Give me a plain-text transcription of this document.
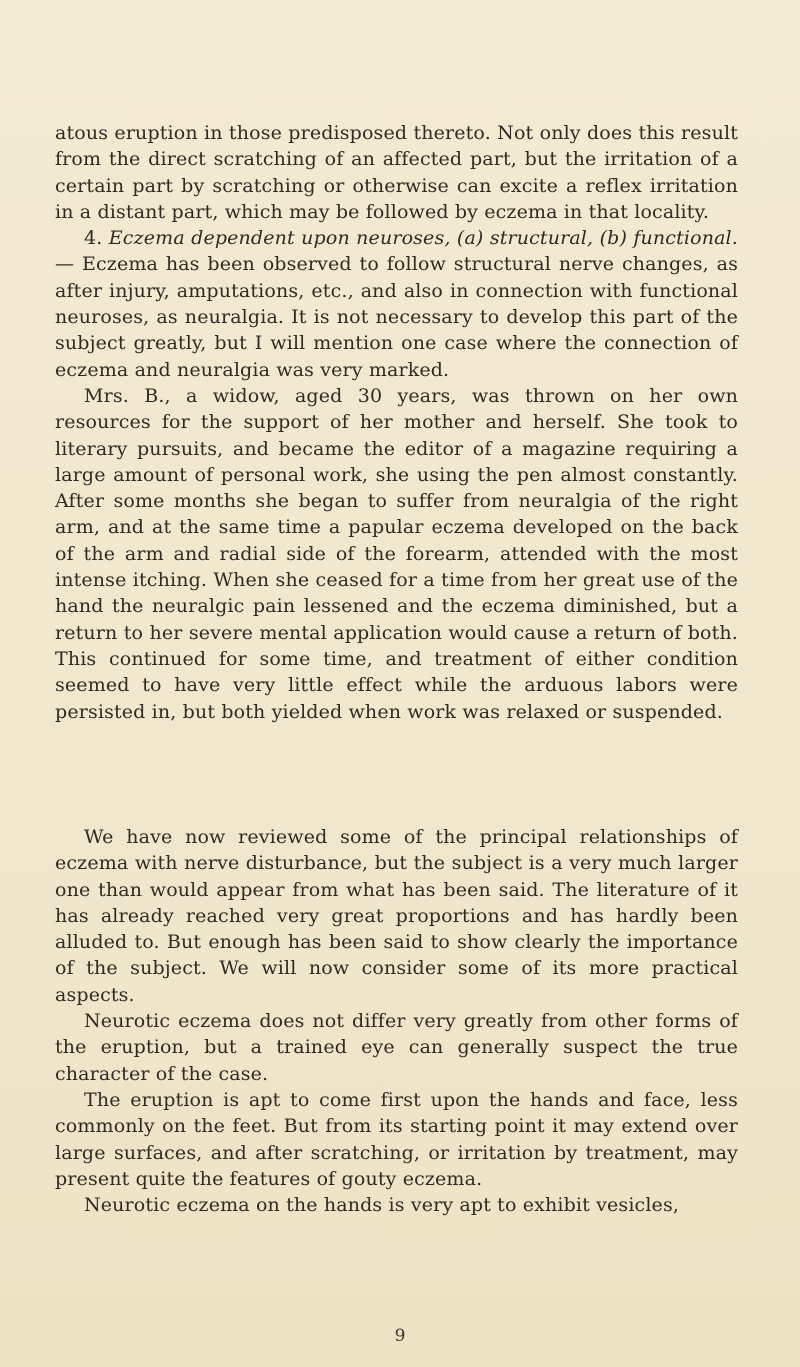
atous eruption in those predisposed thereto. Not only does this result from the direct scratching of an affected part, but the irritation of a certain part by scratching or otherwise can excite a reflex irritation in a distant part, which may be followed by eczema in that locality.

4. Eczema dependent upon neuroses, (a) structural, (b) functional.— Eczema has been observed to follow structural nerve changes, as after injury, amputations, etc., and also in connection with functional neuroses, as neuralgia. It is not necessary to develop this part of the subject greatly, but I will mention one case where the connection of eczema and neuralgia was very marked.

Mrs. B., a widow, aged 30 years, was thrown on her own resources for the support of her mother and herself. She took to literary pursuits, and became the editor of a magazine requiring a large amount of personal work, she using the pen almost constantly. After some months she began to suffer from neuralgia of the right arm, and at the same time a papular eczema developed on the back of the arm and radial side of the forearm, attended with the most intense itching. When she ceased for a time from her great use of the hand the neuralgic pain lessened and the eczema diminished, but a return to her severe mental application would cause a return of both. This continued for some time, and treatment of either condition seemed to have very little effect while the arduous labors were persisted in, but both yielded when work was relaxed or suspended.

We have now reviewed some of the principal relationships of eczema with nerve disturbance, but the subject is a very much larger one than would appear from what has been said. The literature of it has already reached very great proportions and has hardly been alluded to. But enough has been said to show clearly the importance of the subject. We will now consider some of its more practical aspects.

Neurotic eczema does not differ very greatly from other forms of the eruption, but a trained eye can generally suspect the true character of the case.

The eruption is apt to come first upon the hands and face, less commonly on the feet. But from its starting point it may extend over large surfaces, and after scratching, or irritation by treatment, may present quite the features of gouty eczema.

Neurotic eczema on the hands is very apt to exhibit vesicles,

9
